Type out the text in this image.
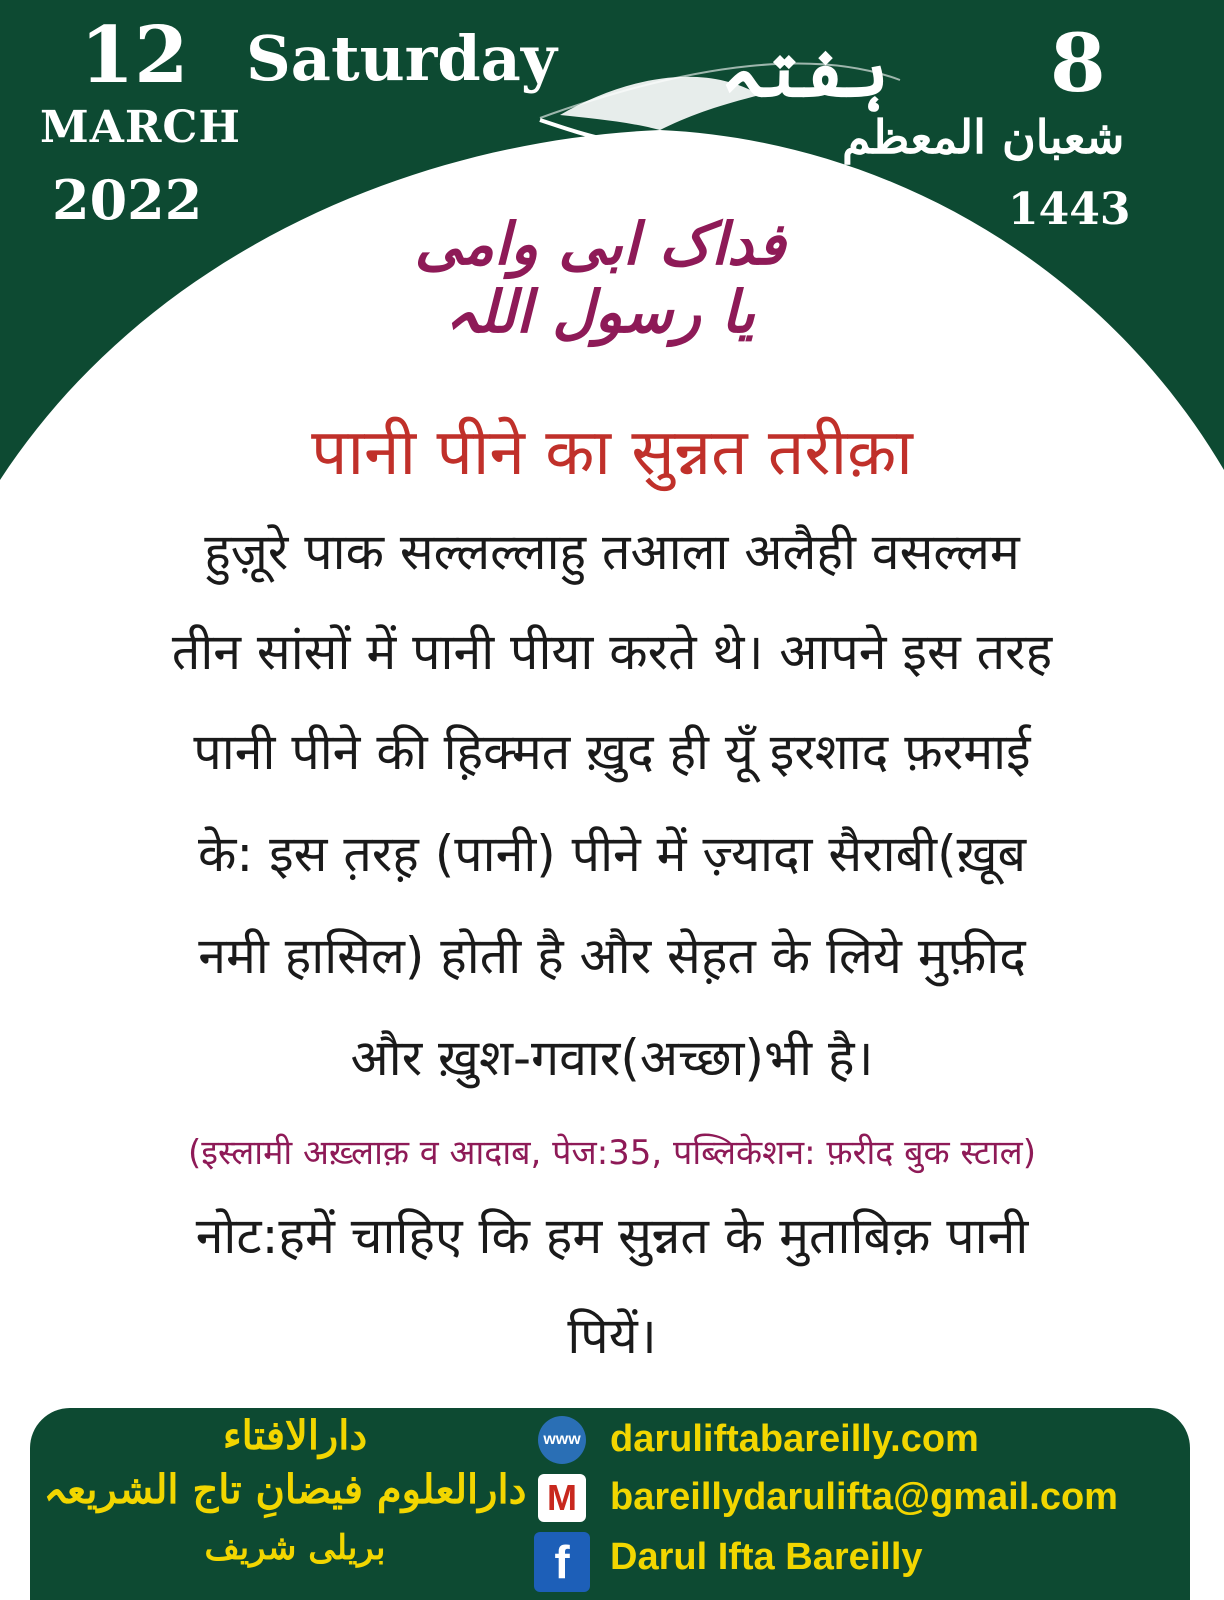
12
MARCH
2022
Saturday ہفتہ 8
شعبان المعظم
1443
فداک ابی وامی یا رسول اللہ
पानी पीने का सुन्नत तरीक़ा
हुज़ूरे पाक सल्लल्लाहु तआला अलैही वसल्लम
तीन सांसों में पानी पीया करते थे। आपने इस तरह
पानी पीने की ह़िक्मत ख़ुद ही यूँ इरशाद फ़रमाई
के: इस त़रह़ (पानी) पीने में ज़्यादा सैराबी(ख़ूब
नमी हासिल) होती है और सेह़त के लिये मुफ़ीद
और ख़ुश-गवार(अच्छा)भी है।
(इस्लामी अख़्लाक़ व आदाब, पेज:35, पब्लिकेशन: फ़रीद बुक स्टाल)
नोट:हमें चाहिए कि हम सुन्नत के मुताबिक़ पानी
पियें।
دارالافتاء
دارالعلوم فیضانِ تاج الشریعہ
بریلی شریف
www daruliftabareilly.com
M bareillydarulifta@gmail.com
f	Darul Ifta Bareilly
